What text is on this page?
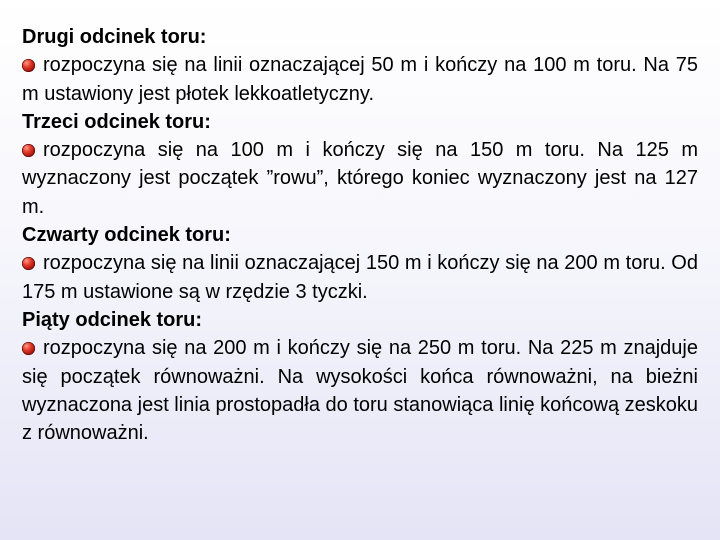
Drugi odcinek toru:
rozpoczyna się na linii oznaczającej 50 m i kończy na 100 m toru. Na 75 m ustawiony jest płotek lekkoatletyczny.
Trzeci odcinek toru:
rozpoczyna się na 100 m i kończy się na 150 m toru. Na 125 m wyznaczony jest początek ”rowu”, którego koniec wyznaczony jest na 127 m.
Czwarty odcinek toru:
rozpoczyna się na linii oznaczającej 150 m i kończy się na 200 m toru. Od 175 m ustawione są w rzędzie 3 tyczki.
Piąty odcinek toru:
rozpoczyna się na 200 m i kończy się na 250 m toru. Na 225 m znajduje się początek równoważni. Na wysokości końca równoważni, na bieżni wyznaczona jest linia prostopadła do toru stanowiąca linię końcową zeskoku z równoważni.
